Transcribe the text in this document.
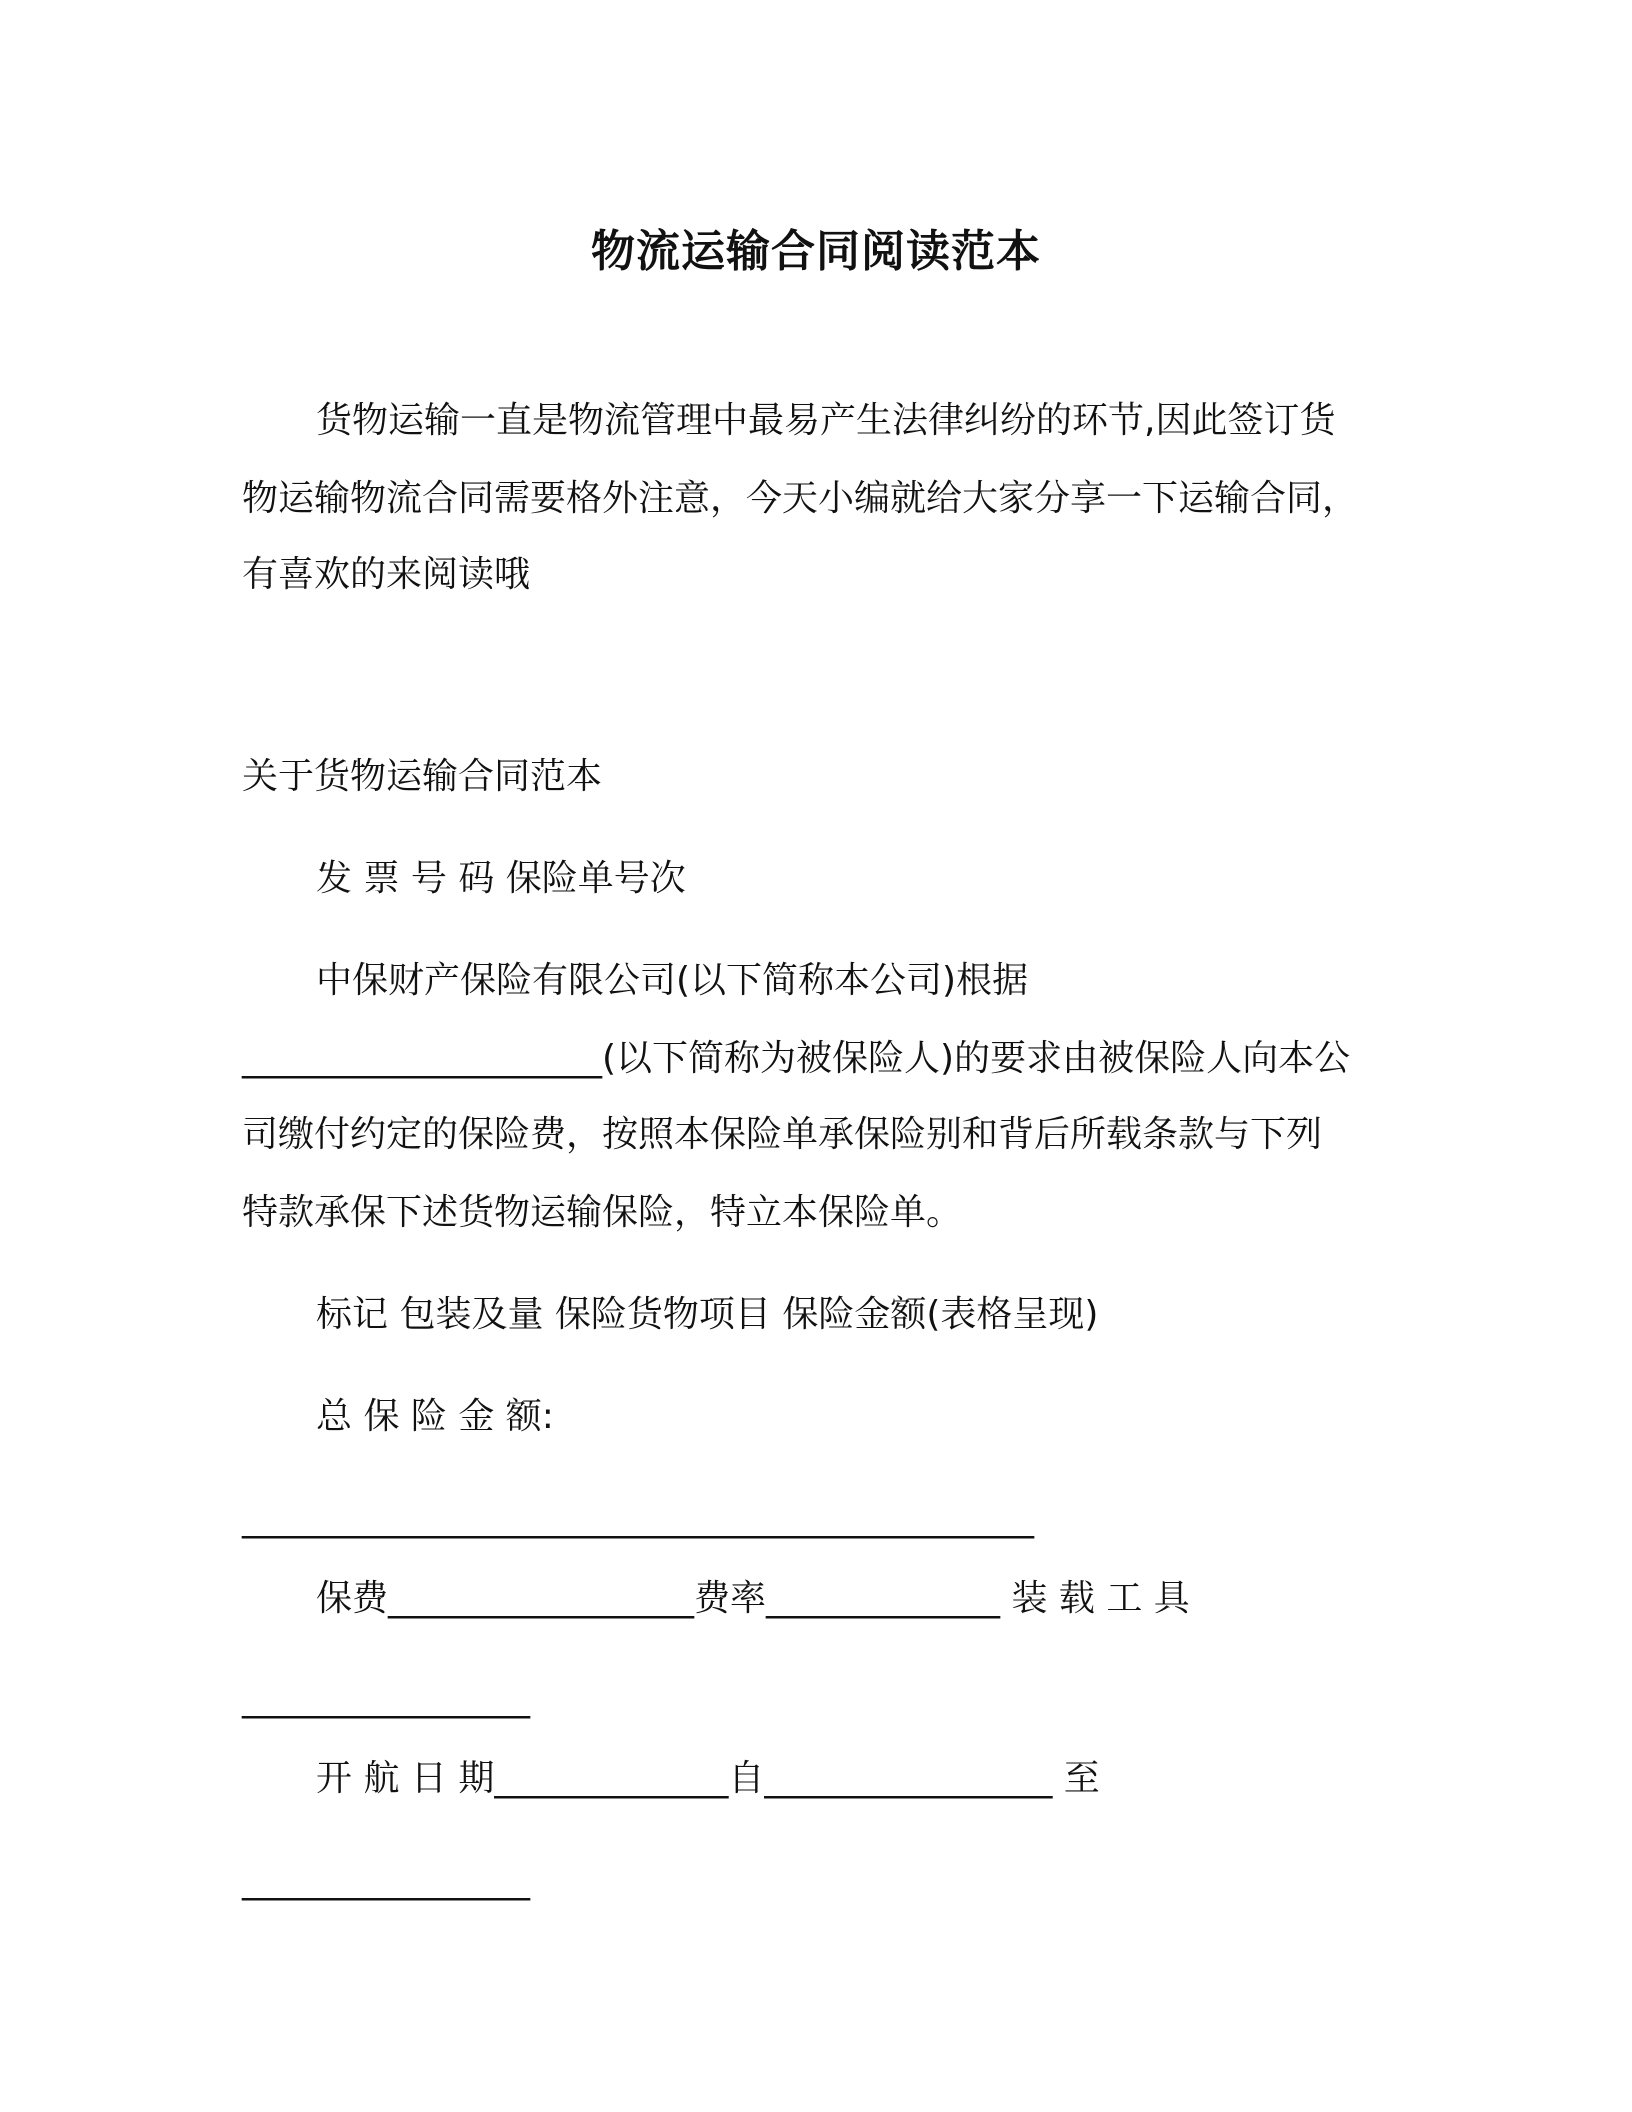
物流运输合同阅读范本
货物运输一直是物流管理中最易产生法律纠纷的环节,因此签订货
物运输物流合同需要格外注意，今天小编就给大家分享一下运输合同，
有喜欢的来阅读哦
关于货物运输合同范本
发 票 号 码 保险单号次
中保财产保险有限公司(以下简称本公司)根据
____________________(以下简称为被保险人)的要求由被保险人向本公
司缴付约定的保险费，按照本保险单承保险别和背后所载条款与下列
特款承保下述货物运输保险，特立本保险单。
标记 包装及量 保险货物项目 保险金额(表格呈现)
总 保 险 金 额:
____________________________________________
保费_________________费率_____________ 装 载 工 具
________________
开 航 日 期_____________自________________ 至
________________
